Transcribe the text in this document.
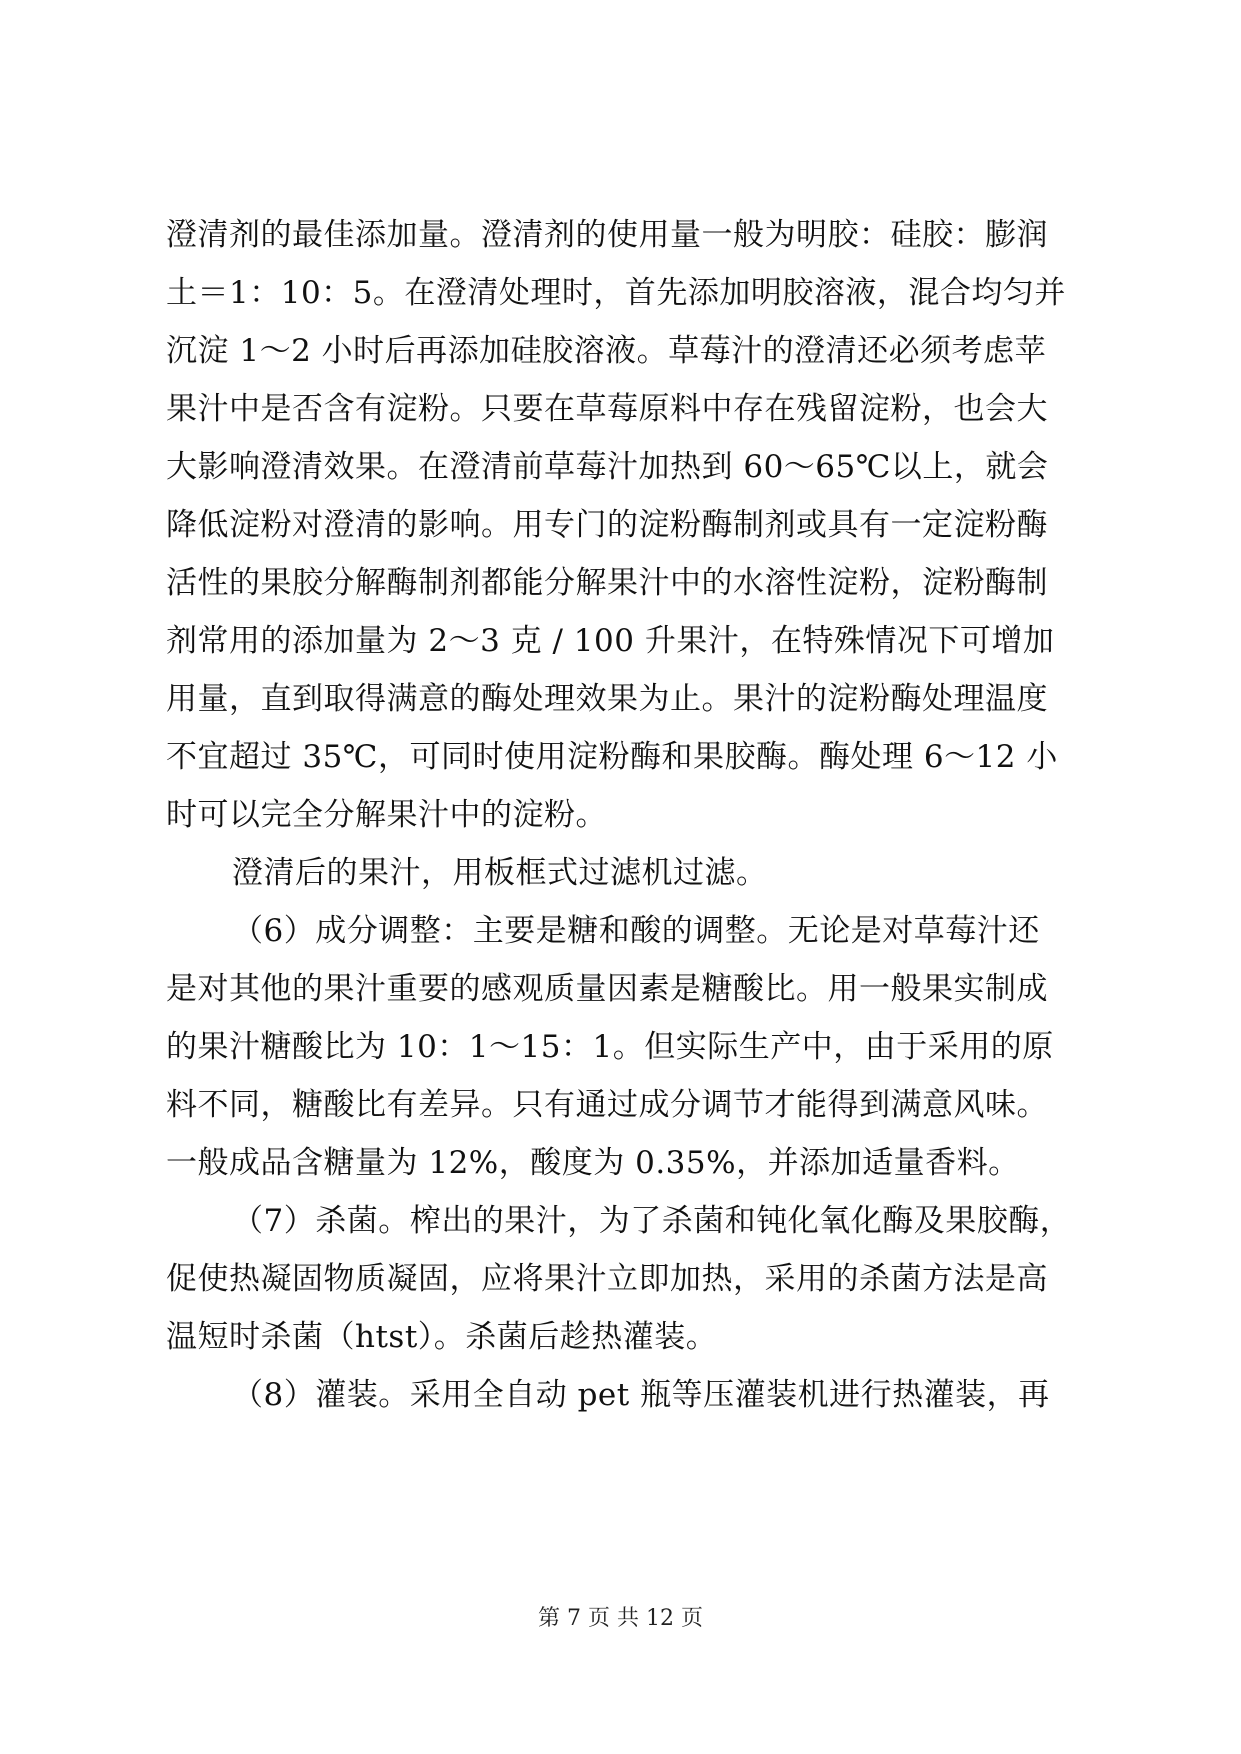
澄清剂的最佳添加量。澄清剂的使用量一般为明胶：硅胶：膨润
土＝1：10：5。在澄清处理时，首先添加明胶溶液，混合均匀并
沉淀 1～2 小时后再添加硅胶溶液。草莓汁的澄清还必须考虑苹
果汁中是否含有淀粉。只要在草莓原料中存在残留淀粉，也会大
大影响澄清效果。在澄清前草莓汁加热到 60～65℃以上，就会
降低淀粉对澄清的影响。用专门的淀粉酶制剂或具有一定淀粉酶
活性的果胶分解酶制剂都能分解果汁中的水溶性淀粉，淀粉酶制
剂常用的添加量为 2～3 克 / 100 升果汁，在特殊情况下可增加
用量，直到取得满意的酶处理效果为止。果汁的淀粉酶处理温度
不宜超过 35℃，可同时使用淀粉酶和果胶酶。酶处理 6～12 小
时可以完全分解果汁中的淀粉。
澄清后的果汁，用板框式过滤机过滤。
（6）成分调整：主要是糖和酸的调整。无论是对草莓汁还
是对其他的果汁重要的感观质量因素是糖酸比。用一般果实制成
的果汁糖酸比为 10：1～15：1。但实际生产中，由于采用的原
料不同，糖酸比有差异。只有通过成分调节才能得到满意风味。
一般成品含糖量为 12%，酸度为 0.35%，并添加适量香料。
（7）杀菌。榨出的果汁，为了杀菌和钝化氧化酶及果胶酶，
促使热凝固物质凝固，应将果汁立即加热，采用的杀菌方法是高
温短时杀菌（htst）。杀菌后趁热灌装。
（8）灌装。采用全自动 pet 瓶等压灌装机进行热灌装，再
第 7 页 共 12 页
